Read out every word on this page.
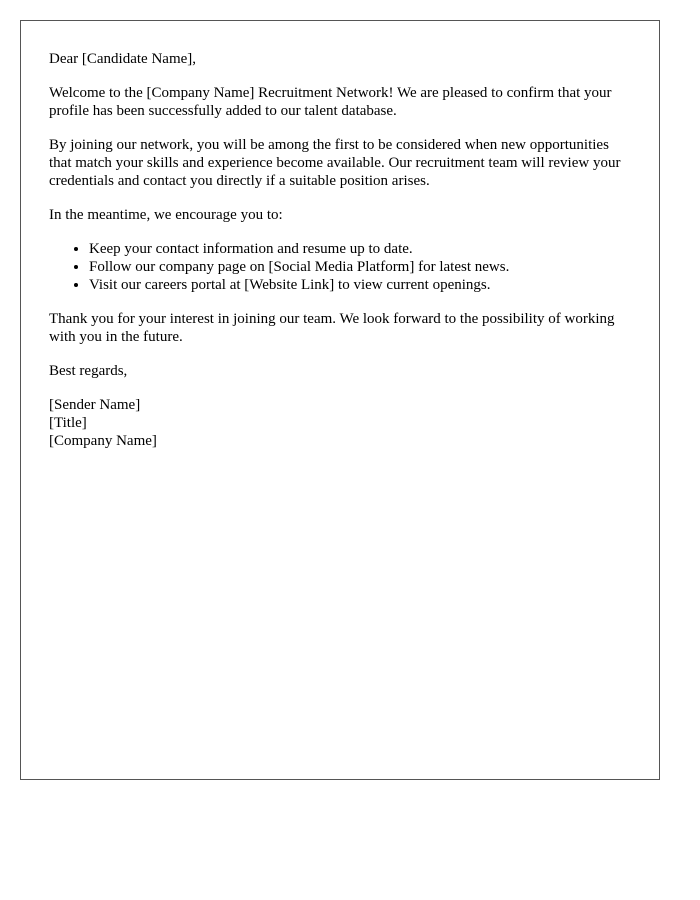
Dear [Candidate Name],

Welcome to the [Company Name] Recruitment Network! We are pleased to confirm that your profile has been successfully added to our talent database.

By joining our network, you will be among the first to be considered when new opportunities that match your skills and experience become available. Our recruitment team will review your credentials and contact you directly if a suitable position arises.

In the meantime, we encourage you to:

• Keep your contact information and resume up to date.
• Follow our company page on [Social Media Platform] for latest news.
• Visit our careers portal at [Website Link] to view current openings.

Thank you for your interest in joining our team. We look forward to the possibility of working with you in the future.

Best regards,

[Sender Name]
[Title]
[Company Name]
